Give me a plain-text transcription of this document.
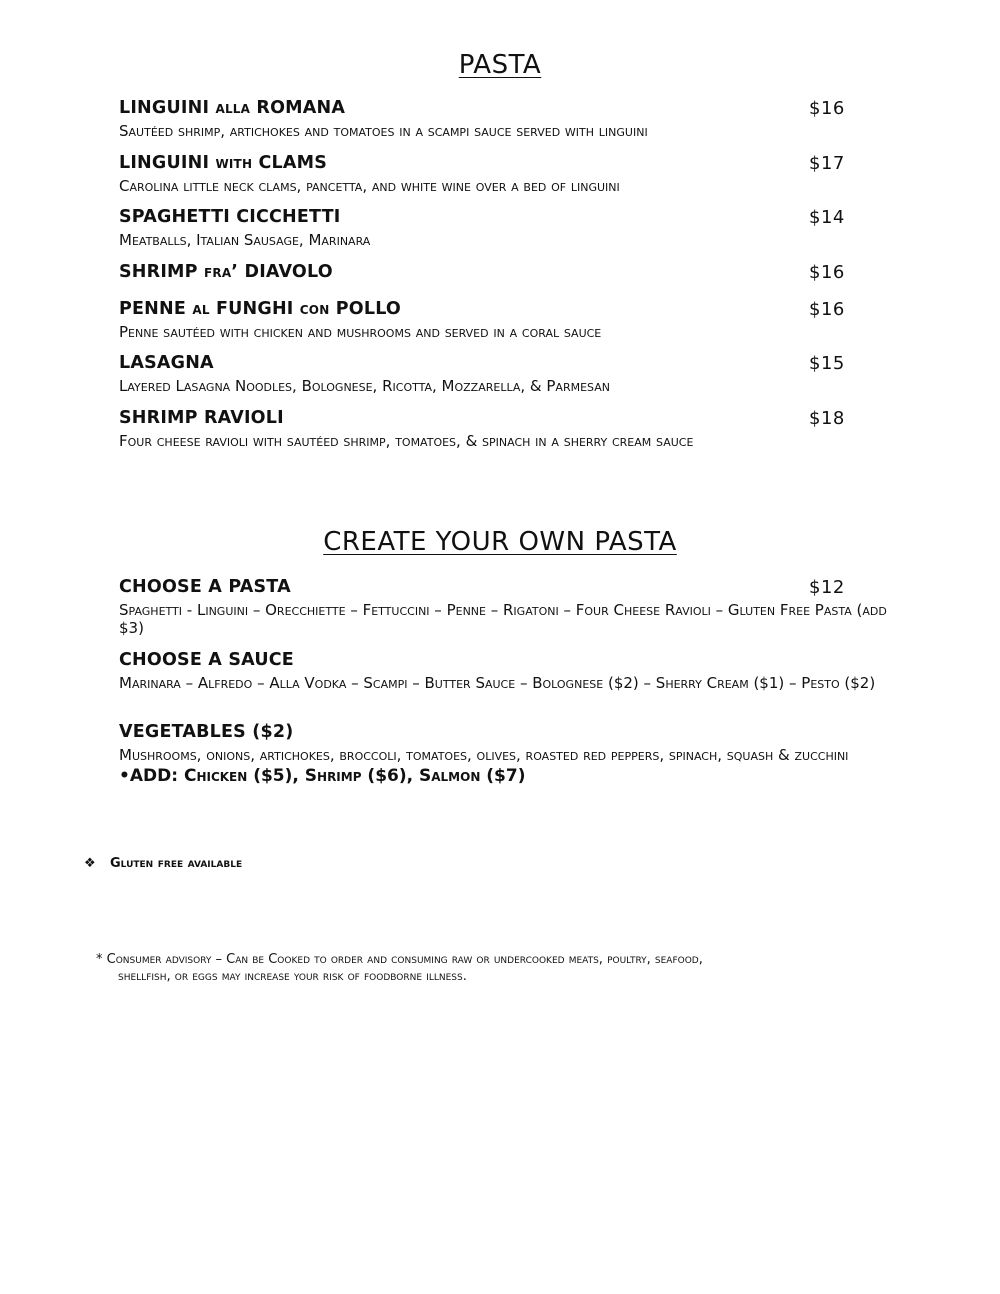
PASTA
LINGUINI alla ROMANA	$16
Sautéed shrimp, artichokes and tomatoes in a scampi sauce served with linguini
LINGUINI with CLAMS	$17
Carolina little neck clams, pancetta, and white wine over a bed of linguini
SPAGHETTI CICCHETTI	$14
Meatballs, Italian Sausage, Marinara
SHRIMP fra’ DIAVOLO	$16
PENNE al FUNGHI con POLLO	$16
Penne sautéed with chicken and mushrooms and served in a coral sauce
LASAGNA	$15
Layered Lasagna Noodles, Bolognese, Ricotta, Mozzarella, & Parmesan
SHRIMP RAVIOLI	$18
Four cheese ravioli with sautéed shrimp, tomatoes, & spinach in a sherry cream sauce
CREATE YOUR OWN PASTA
CHOOSE A PASTA	$12
Spaghetti - Linguini – Orecchiette – Fettuccini – Penne – Rigatoni – Four Cheese Ravioli – Gluten Free Pasta (add $3)
CHOOSE A SAUCE
Marinara – Alfredo – Alla Vodka – Scampi – Butter Sauce – Bolognese ($2) – Sherry Cream ($1) – Pesto ($2)
VEGETABLES ($2)
Mushrooms, onions, artichokes, broccoli, tomatoes, olives, roasted red peppers, spinach, squash & zucchini
•ADD: Chicken ($5), Shrimp ($6), Salmon ($7)
❖ Gluten free available
* Consumer advisory – Can be Cooked to order and consuming raw or undercooked meats, poultry, seafood,
shellfish, or eggs may increase your risk of foodborne illness.
